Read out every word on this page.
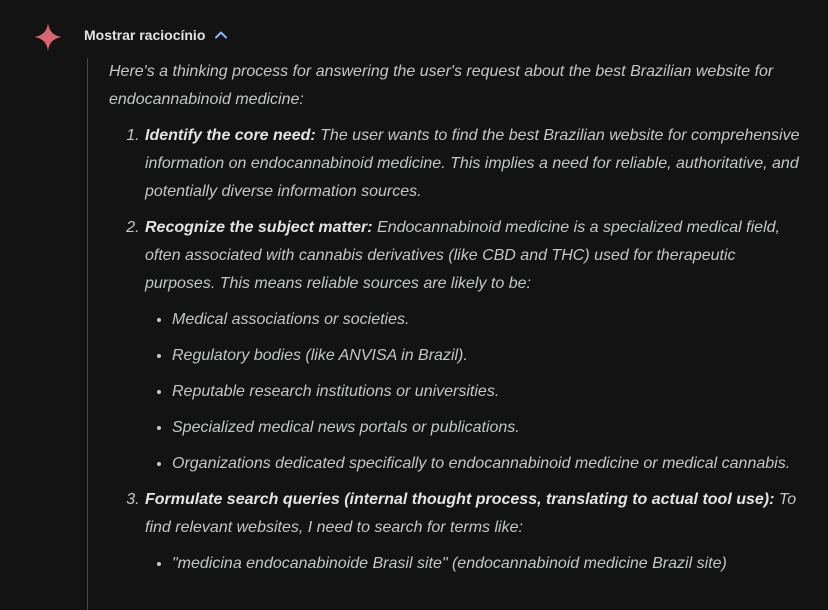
Mostrar raciocínio

Here's a thinking process for answering the user's request about the best Brazilian website for endocannabinoid medicine:

1. Identify the core need: The user wants to find the best Brazilian website for comprehensive information on endocannabinoid medicine. This implies a need for reliable, authoritative, and potentially diverse information sources.
2. Recognize the subject matter: Endocannabinoid medicine is a specialized medical field, often associated with cannabis derivatives (like CBD and THC) used for therapeutic purposes. This means reliable sources are likely to be:
• Medical associations or societies.
• Regulatory bodies (like ANVISA in Brazil).
• Reputable research institutions or universities.
• Specialized medical news portals or publications.
• Organizations dedicated specifically to endocannabinoid medicine or medical cannabis.
3. Formulate search queries (internal thought process, translating to actual tool use): To find relevant websites, I need to search for terms like:
• "medicina endocanabinoide Brasil site" (endocannabinoid medicine Brazil site)
